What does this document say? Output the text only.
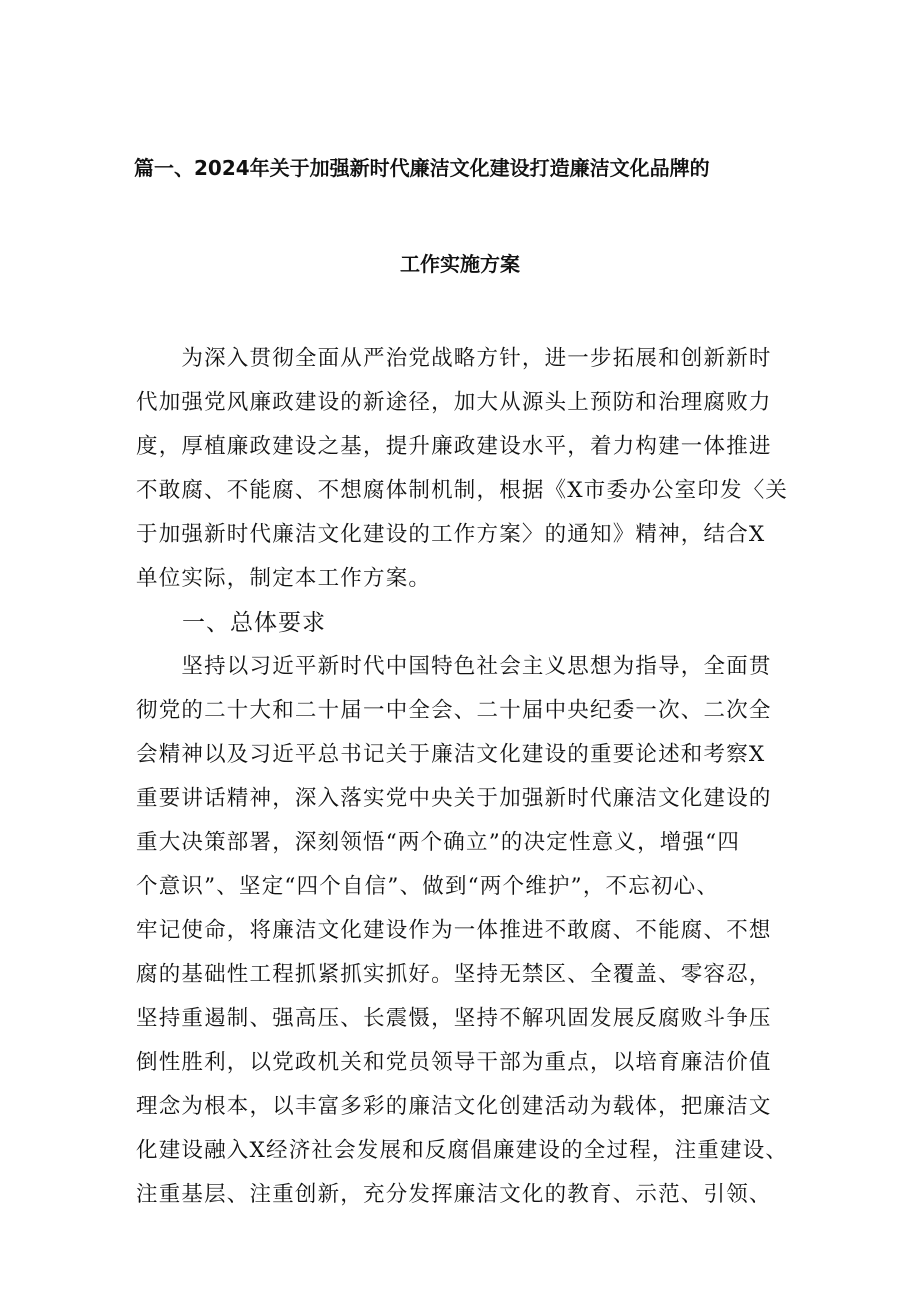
篇一、2024年关于加强新时代廉洁文化建设打造廉洁文化品牌的
工作实施方案
　　为深入贯彻全面从严治党战略方针，进一步拓展和创新新时
代加强党风廉政建设的新途径，加大从源头上预防和治理腐败力
度，厚植廉政建设之基，提升廉政建设水平，着力构建一体推进
不敢腐、不能腐、不想腐体制机制，根据《X市委办公室印发〈关
于加强新时代廉洁文化建设的工作方案〉的通知》精神，结合X
单位实际，制定本工作方案。
一、总体要求
　　坚持以习近平新时代中国特色社会主义思想为指导，全面贯
彻党的二十大和二十届一中全会、二十届中央纪委一次、二次全
会精神以及习近平总书记关于廉洁文化建设的重要论述和考察X
重要讲话精神，深入落实党中央关于加强新时代廉洁文化建设的
重大决策部署，深刻领悟“两个确立”的决定性意义，增强“四
个意识”、坚定“四个自信”、做到“两个维护”，不忘初心、
牢记使命，将廉洁文化建设作为一体推进不敢腐、不能腐、不想
腐的基础性工程抓紧抓实抓好。坚持无禁区、全覆盖、零容忍，
坚持重遏制、强高压、长震慑，坚持不解巩固发展反腐败斗争压
倒性胜利，以党政机关和党员领导干部为重点，以培育廉洁价值
理念为根本，以丰富多彩的廉洁文化创建活动为载体，把廉洁文
化建设融入X经济社会发展和反腐倡廉建设的全过程，注重建设、
注重基层、注重创新，充分发挥廉洁文化的教育、示范、引领、
